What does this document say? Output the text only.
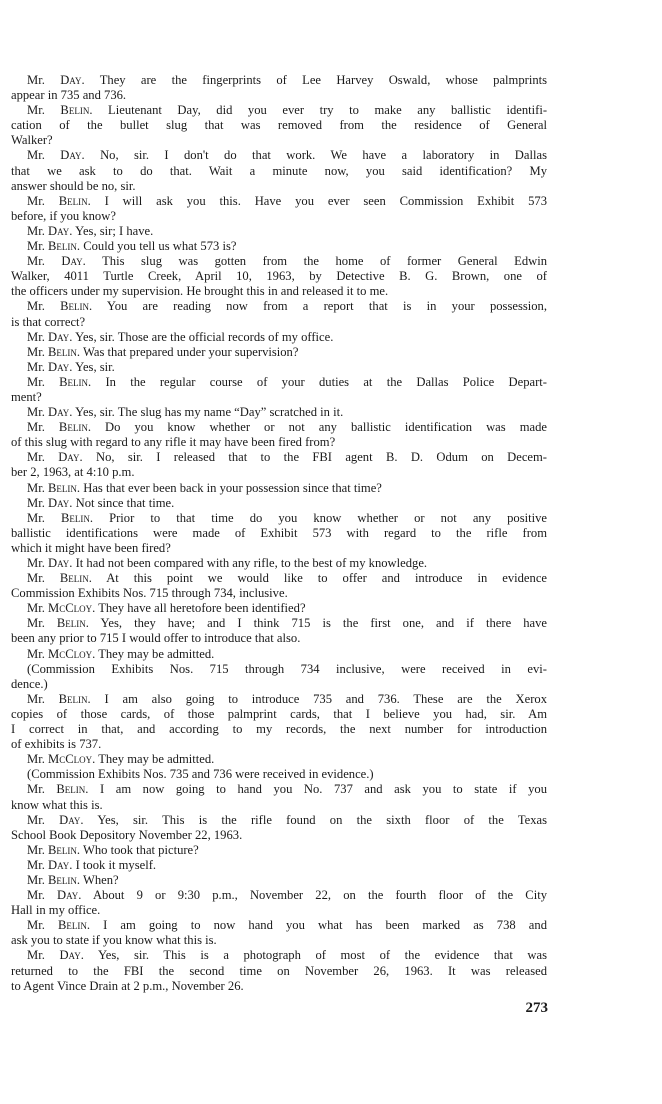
Mr. Day. They are the fingerprints of Lee Harvey Oswald, whose palmprints
appear in 735 and 736.
Mr. Belin. Lieutenant Day, did you ever try to make any ballistic identifi-
cation of the bullet slug that was removed from the residence of General
Walker?
Mr. Day. No, sir. I don't do that work. We have a laboratory in Dallas
that we ask to do that. Wait a minute now, you said identification? My
answer should be no, sir.
Mr. Belin. I will ask you this. Have you ever seen Commission Exhibit 573
before, if you know?
Mr. Day. Yes, sir; I have.
Mr. Belin. Could you tell us what 573 is?
Mr. Day. This slug was gotten from the home of former General Edwin
Walker, 4011 Turtle Creek, April 10, 1963, by Detective B. G. Brown, one of
the officers under my supervision. He brought this in and released it to me.
Mr. Belin. You are reading now from a report that is in your possession,
is that correct?
Mr. Day. Yes, sir. Those are the official records of my office.
Mr. Belin. Was that prepared under your supervision?
Mr. Day. Yes, sir.
Mr. Belin. In the regular course of your duties at the Dallas Police Depart-
ment?
Mr. Day. Yes, sir. The slug has my name “Day” scratched in it.
Mr. Belin. Do you know whether or not any ballistic identification was made
of this slug with regard to any rifle it may have been fired from?
Mr. Day. No, sir. I released that to the FBI agent B. D. Odum on Decem-
ber 2, 1963, at 4:10 p.m.
Mr. Belin. Has that ever been back in your possession since that time?
Mr. Day. Not since that time.
Mr. Belin. Prior to that time do you know whether or not any positive
ballistic identifications were made of Exhibit 573 with regard to the rifle from
which it might have been fired?
Mr. Day. It had not been compared with any rifle, to the best of my knowledge.
Mr. Belin. At this point we would like to offer and introduce in evidence
Commission Exhibits Nos. 715 through 734, inclusive.
Mr. McCloy. They have all heretofore been identified?
Mr. Belin. Yes, they have; and I think 715 is the first one, and if there have
been any prior to 715 I would offer to introduce that also.
Mr. McCloy. They may be admitted.
(Commission Exhibits Nos. 715 through 734 inclusive, were received in evi-
dence.)
Mr. Belin. I am also going to introduce 735 and 736. These are the Xerox
copies of those cards, of those palmprint cards, that I believe you had, sir. Am
I correct in that, and according to my records, the next number for introduction
of exhibits is 737.
Mr. McCloy. They may be admitted.
(Commission Exhibits Nos. 735 and 736 were received in evidence.)
Mr. Belin. I am now going to hand you No. 737 and ask you to state if you
know what this is.
Mr. Day. Yes, sir. This is the rifle found on the sixth floor of the Texas
School Book Depository November 22, 1963.
Mr. Belin. Who took that picture?
Mr. Day. I took it myself.
Mr. Belin. When?
Mr. Day. About 9 or 9:30 p.m., November 22, on the fourth floor of the City
Hall in my office.
Mr. Belin. I am going to now hand you what has been marked as 738 and
ask you to state if you know what this is.
Mr. Day. Yes, sir. This is a photograph of most of the evidence that was
returned to the FBI the second time on November 26, 1963. It was released
to Agent Vince Drain at 2 p.m., November 26.
273
